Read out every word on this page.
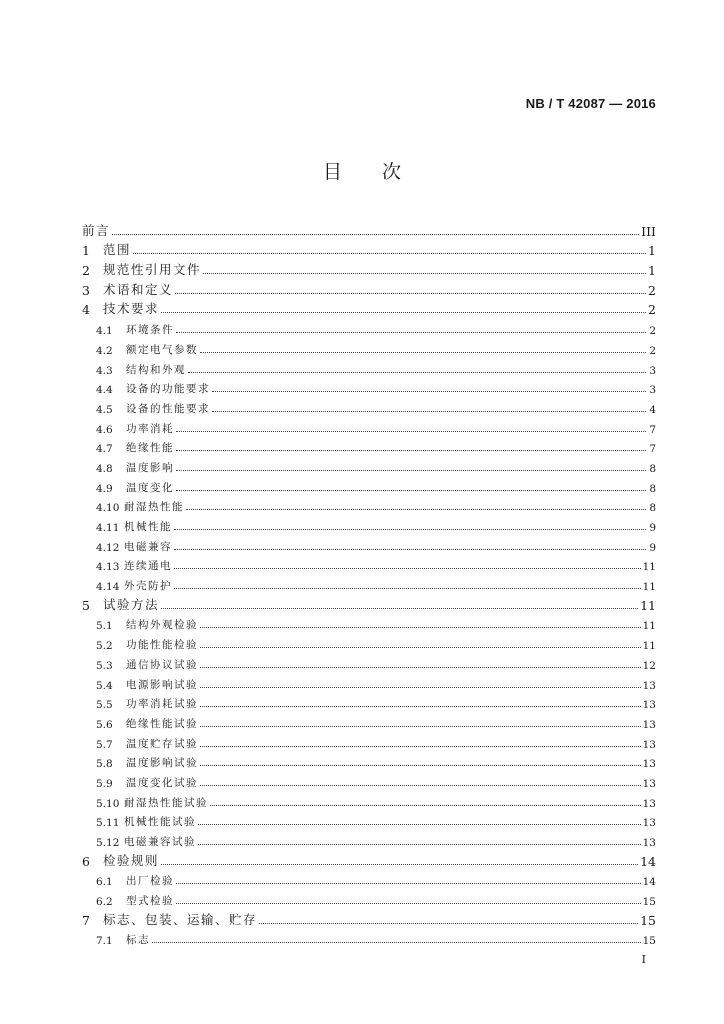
NB / T 42087 — 2016
目 次
前言	III
1	范围	1
2	规范性引用文件	1
3	术语和定义	2
4	技术要求	2
4.1	环境条件	2
4.2	额定电气参数	2
4.3	结构和外观	3
4.4	设备的功能要求	3
4.5	设备的性能要求	4
4.6	功率消耗	7
4.7	绝缘性能	7
4.8	温度影响	8
4.9	温度变化	8
4.10 耐湿热性能	8
4.11 机械性能	9
4.12 电磁兼容	9
4.13 连续通电	11
4.14 外壳防护	11
5	试验方法	11
5.1	结构外观检验	11
5.2	功能性能检验	11
5.3	通信协议试验	12
5.4	电源影响试验	13
5.5	功率消耗试验	13
5.6	绝缘性能试验	13
5.7	温度贮存试验	13
5.8	温度影响试验	13
5.9	温度变化试验	13
5.10 耐湿热性能试验	13
5.11 机械性能试验	13
5.12 电磁兼容试验	13
6	检验规则	14
6.1	出厂检验	14
6.2	型式检验	15
7	标志、包装、运输、贮存	15
7.1	标志	15
I
